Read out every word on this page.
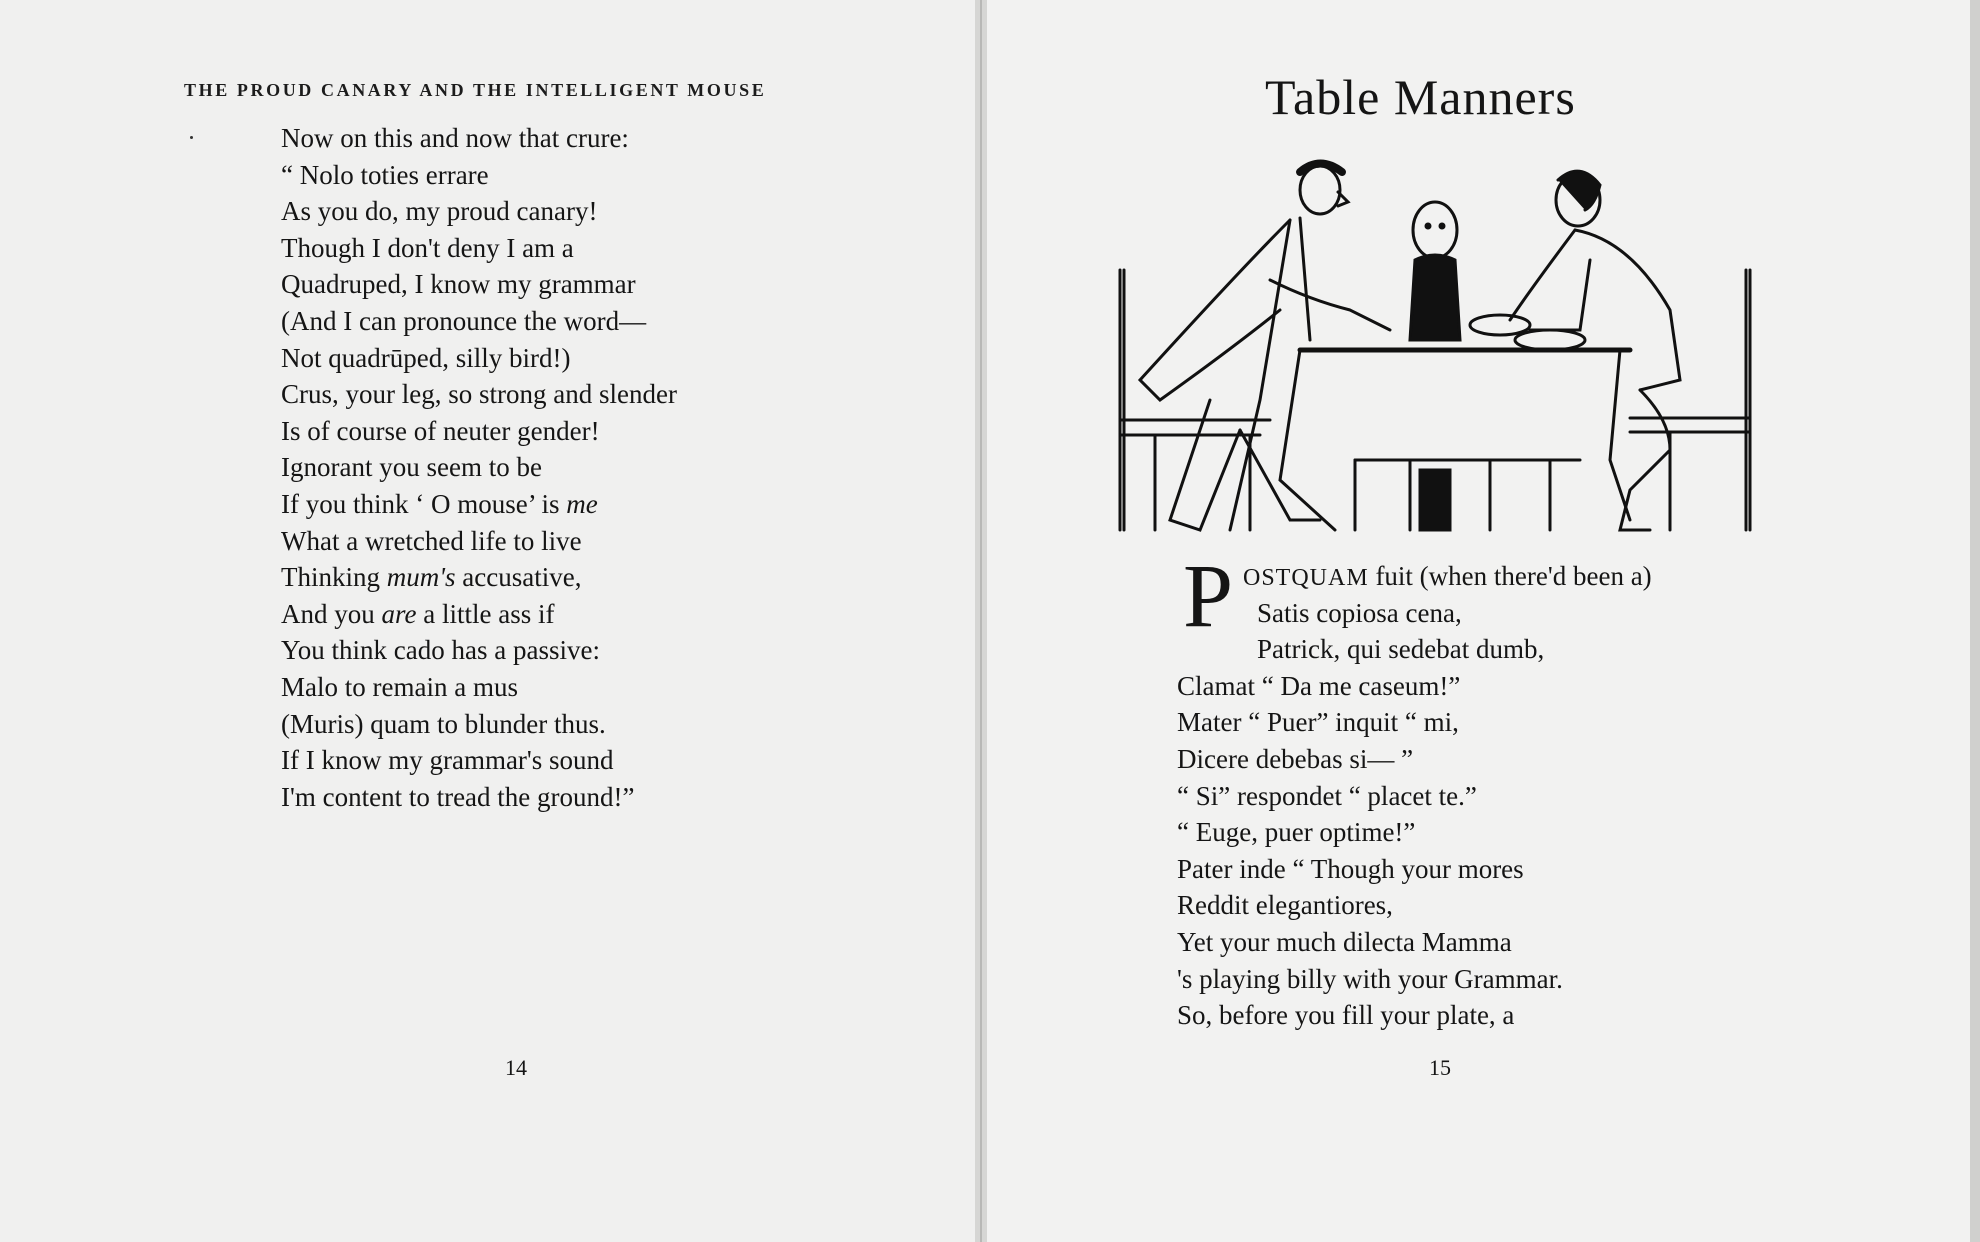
THE PROUD CANARY AND THE INTELLIGENT MOUSE
Now on this and now that crure:
“ Nolo toties errare
As you do, my proud canary!
Though I don't deny I am a
Quadruped, I know my grammar
(And I can pronounce the word—
Not quadrūped, silly bird!)
Crus, your leg, so strong and slender
Is of course of neuter gender!
Ignorant you seem to be
If you think ‘ O mouse’ is me
What a wretched life to live
Thinking mum's accusative,
And you are a little ass if
You think cado has a passive:
Malo to remain a mus
(Muris) quam to blunder thus.
If I know my grammar's sound
I'm content to tread the ground!”
14
Table Manners
P OSTQUAM fuit (when there'd been a)
Satis copiosa cena,
Patrick, qui sedebat dumb,
Clamat “ Da me caseum!”
Mater “ Puer” inquit “ mi,
Dicere debebas si— ”
“ Si” respondet “ placet te.”
“ Euge, puer optime!”
Pater inde “ Though your mores
Reddit elegantiores,
Yet your much dilecta Mamma
's playing billy with your Grammar.
So, before you fill your plate, a
15
